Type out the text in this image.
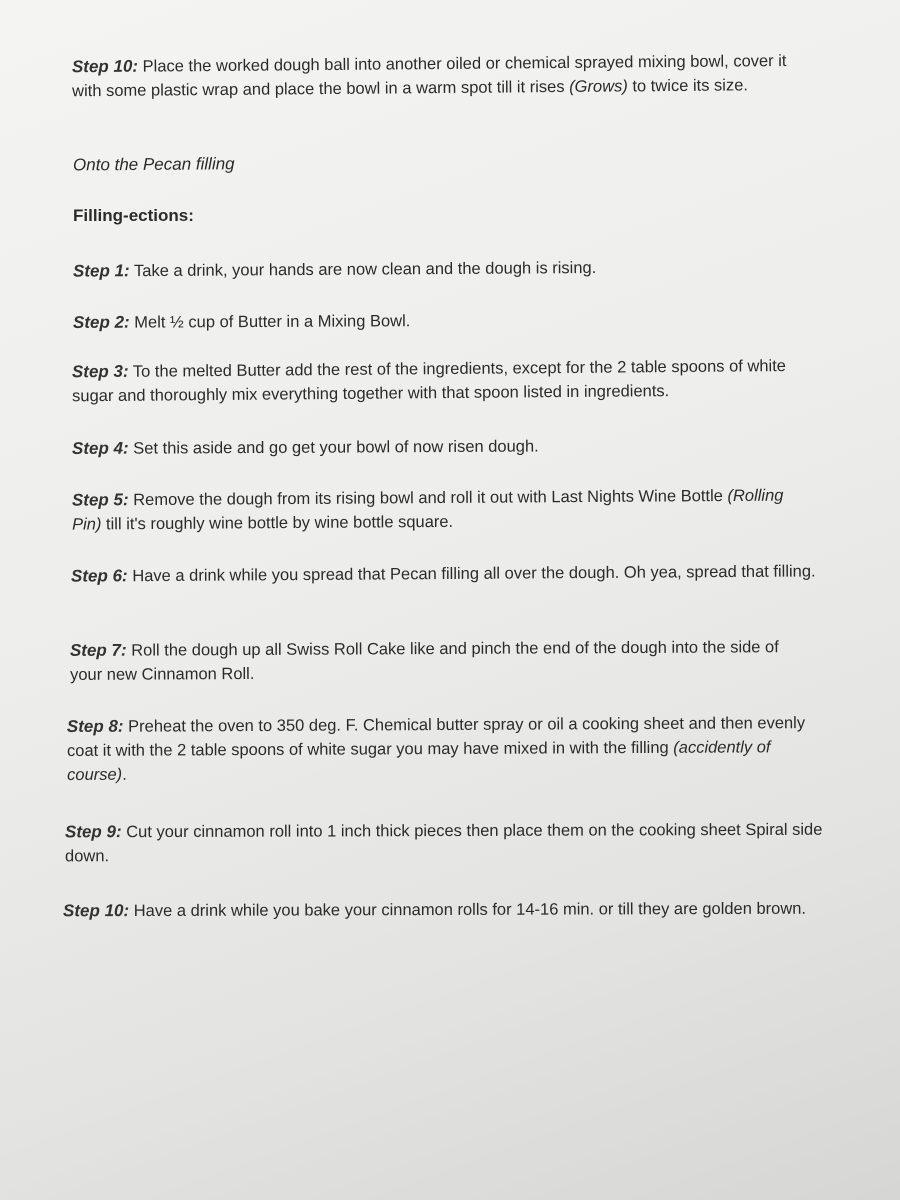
Step 10: Place the worked dough ball into another oiled or chemical sprayed mixing bowl, cover it with some plastic wrap and place the bowl in a warm spot till it rises (Grows) to twice its size.

Onto the Pecan filling

Filling-ections:

Step 1: Take a drink, your hands are now clean and the dough is rising.

Step 2: Melt ½ cup of Butter in a Mixing Bowl.

Step 3: To the melted Butter add the rest of the ingredients, except for the 2 table spoons of white sugar and thoroughly mix everything together with that spoon listed in ingredients.

Step 4: Set this aside and go get your bowl of now risen dough.

Step 5: Remove the dough from its rising bowl and roll it out with Last Nights Wine Bottle (Rolling Pin) till it's roughly wine bottle by wine bottle square.

Step 6: Have a drink while you spread that Pecan filling all over the dough. Oh yea, spread that filling.

Step 7: Roll the dough up all Swiss Roll Cake like and pinch the end of the dough into the side of your new Cinnamon Roll.

Step 8: Preheat the oven to 350 deg. F. Chemical butter spray or oil a cooking sheet and then evenly coat it with the 2 table spoons of white sugar you may have mixed in with the filling (accidently of course).

Step 9: Cut your cinnamon roll into 1 inch thick pieces then place them on the cooking sheet Spiral side down.

Step 10: Have a drink while you bake your cinnamon rolls for 14-16 min. or till they are golden brown.
